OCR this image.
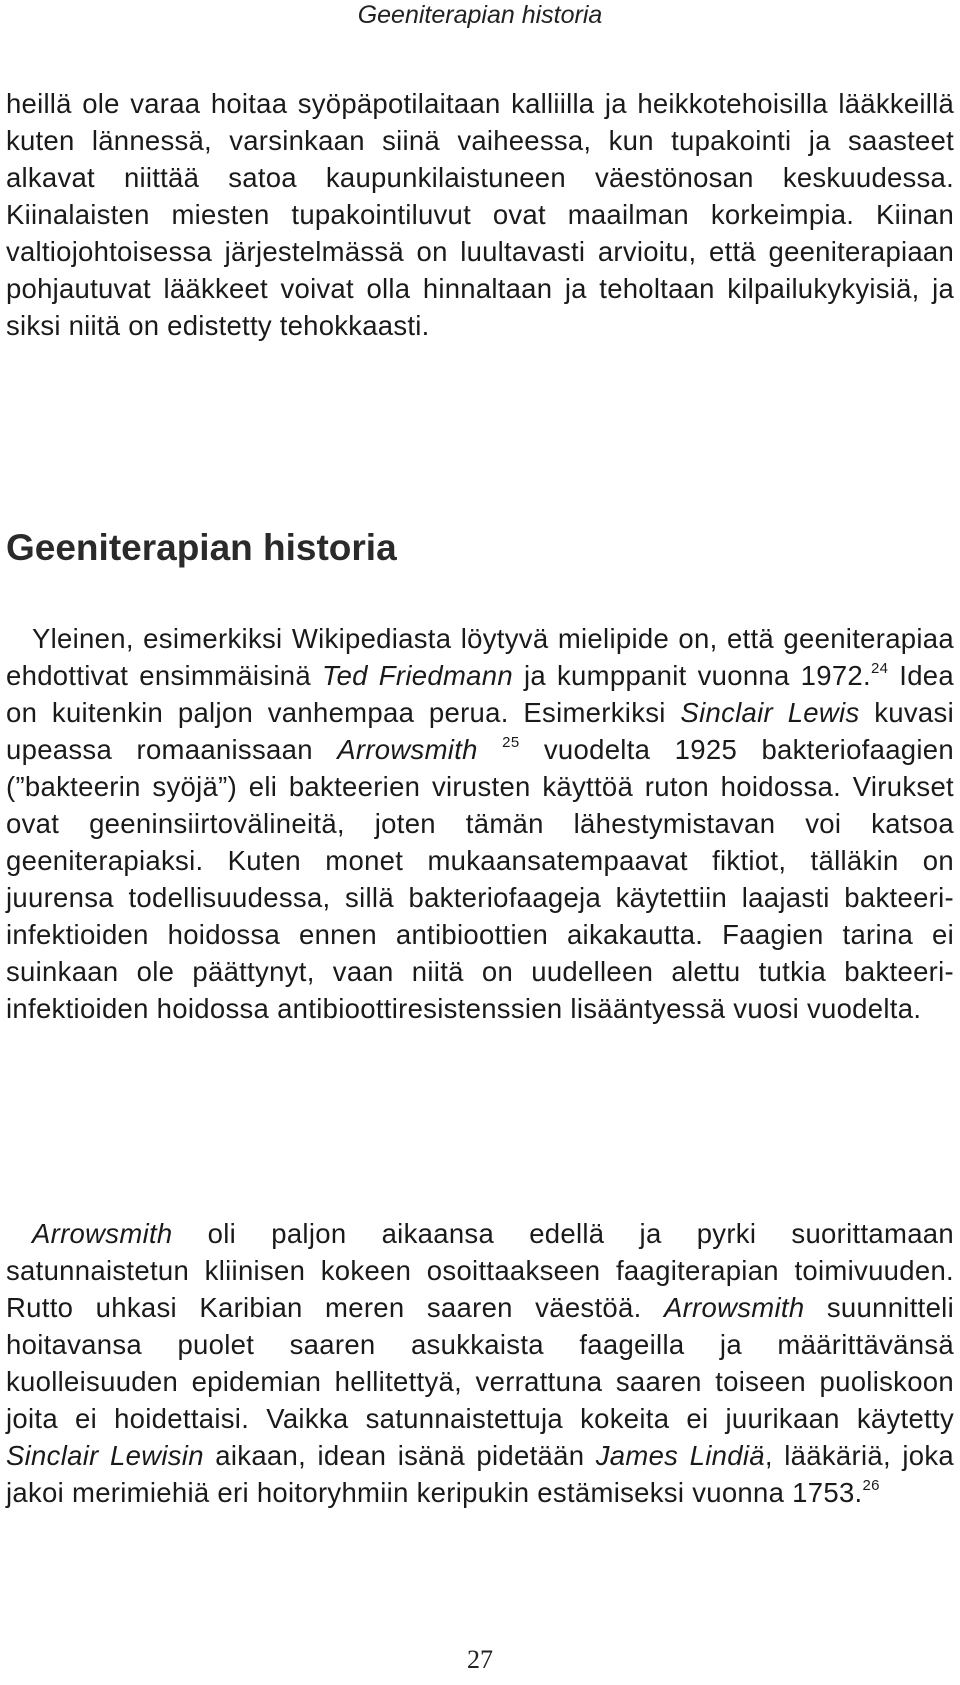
Geeniterapian historia

heillä ole varaa hoitaa syöpäpotilaitaan kalliilla ja heikkotehoisilla lääkkeillä kuten lännessä, varsinkaan siinä vaiheessa, kun tupakointi ja saasteet alkavat niittää satoa kaupunkilaistuneen väestönosan keskuudessa. Kiinalaisten miesten tupakointiluvut ovat maailman korkeimpia. Kiinan valtiojohtoisessa järjestelmässä on luultavasti arvioitu, että geeniterapiaan pohjautuvat lääkkeet voivat olla hinnaltaan ja teholtaan kilpailukykyisiä, ja siksi niitä on edistetty tehokkaasti.

Geeniterapian historia

Yleinen, esimerkiksi Wikipediasta löytyvä mielipide on, että geeniterapiaa ehdottivat ensimmäisinä Ted Friedmann ja kumppanit vuonna 1972.24 Idea on kuitenkin paljon vanhempaa perua. Esimerkiksi Sinclair Lewis kuvasi upeassa romaanissaan Arrowsmith $^{25}$ vuodelta 1925 bakteriofaagien (”bakteerin syöjä”) eli bakteerien virusten käyttöä ruton hoidossa. Virukset ovat geeninsiirtovälineitä, joten tämän lähestymistavan voi katsoa geeniterapiaksi. Kuten monet mukaansatempaavat fiktiot, tälläkin on juurensa todellisuudessa, sillä bakteriofaageja käytettiin laajasti bakteeri-infektioiden hoidossa ennen antibioottien aikakautta. Faagien tarina ei suinkaan ole päättynyt, vaan niitä on uudelleen alettu tutkia bakteeri-infektioiden hoidossa antibioottiresistenssien lisääntyessä vuosi vuodelta.

Arrowsmith oli paljon aikaansa edellä ja pyrki suorittamaan satunnaistetun kliinisen kokeen osoittaakseen faagiterapian toimivuuden. Rutto uhkasi Karibian meren saaren väestöä. Arrowsmith suunnitteli hoitavansa puolet saaren asukkaista faageilla ja määrittävänsä kuolleisuuden epidemian hellitettyä, verrattuna saaren toiseen puoliskoon joita ei hoidettaisi. Vaikka satunnaistettuja kokeita ei juurikaan käytetty Sinclair Lewisin aikaan, idean isänä pidetään James Lindiä, lääkäriä, joka jakoi merimiehiä eri hoitoryhmiin keripukin estämiseksi vuonna 1753.26

27
